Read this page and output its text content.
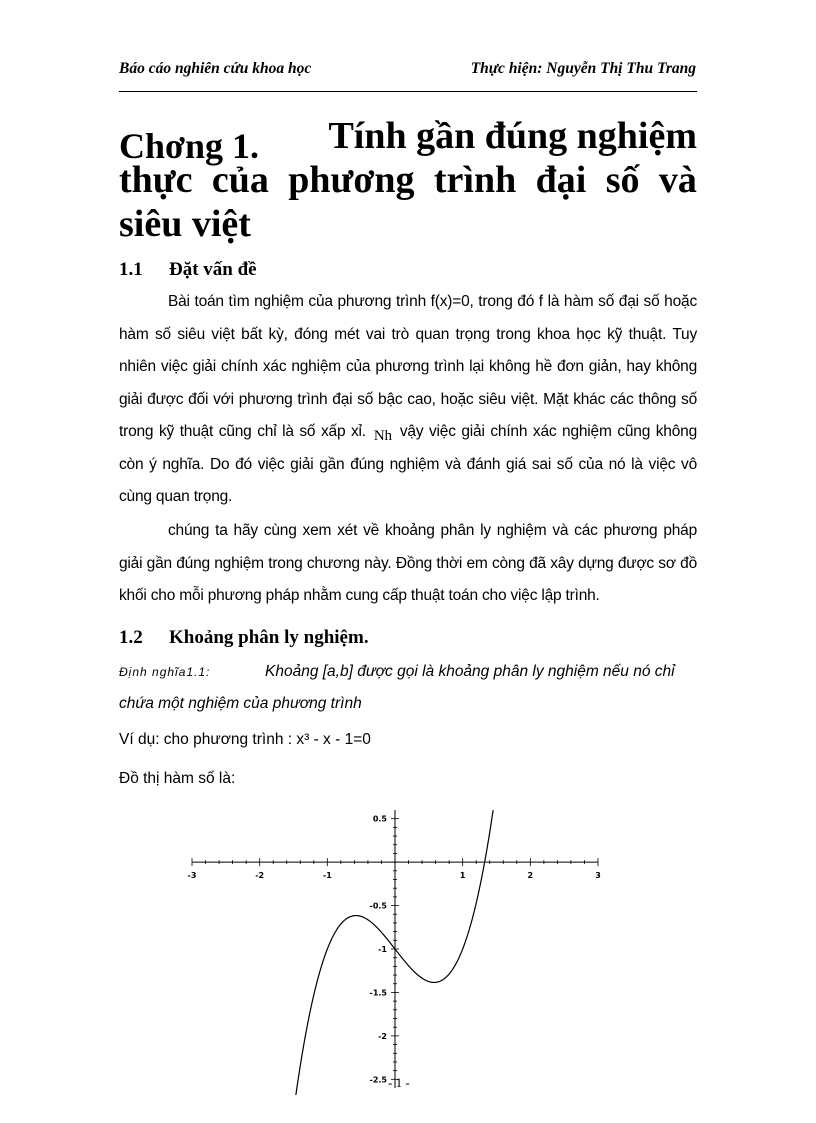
Báo cáo nghiên cứu khoa học	Thực hiện: Nguyễn Thị Thu Trang
Chơng 1. Tính gần đúng nghiệm
thực của phương trình đại số và
siêu việt
1.1 Đặt vấn đề
Bài toán tìm nghiệm của phương trình f(x)=0, trong đó f là hàm số đại số hoặc hàm số siêu việt bất kỳ, đóng mét vai trò quan trọng trong khoa học kỹ thuật. Tuy nhiên việc giải chính xác nghiệm của phương trình lại không hề đơn giản, hay không giải được đối với phương trình đại số bậc cao, hoặc siêu việt. Mặt khác các thông số trong kỹ thuật cũng chỉ là số xấp xỉ. Nh vậy việc giải chính xác nghiệm cũng không còn ý nghĩa. Do đó việc giải gần đúng nghiệm và đánh giá sai số của nó là việc vô cùng quan trọng.
chúng ta hãy cùng xem xét về khoảng phân ly nghiệm và các phương pháp giải gần đúng nghiệm trong chương này. Đồng thời em còng đã xây dựng được sơ đồ khối cho mỗi phương pháp nhằm cung cấp thuật toán cho việc lập trình.
1.2 Khoảng phân ly nghiệm.
Định nghĩa1.1:	Khoảng [a,b] được gọi là khoảng phân ly nghiệm nếu nó chỉ chứa một nghiệm của phương trình
Ví dụ: cho phương trình : x³ - x - 1=0
Đồ thị hàm số là:
-3	-2	-1	1	2	3
0.5
-0.5
-1
-1.5
-2
-2.5 - 1 -
